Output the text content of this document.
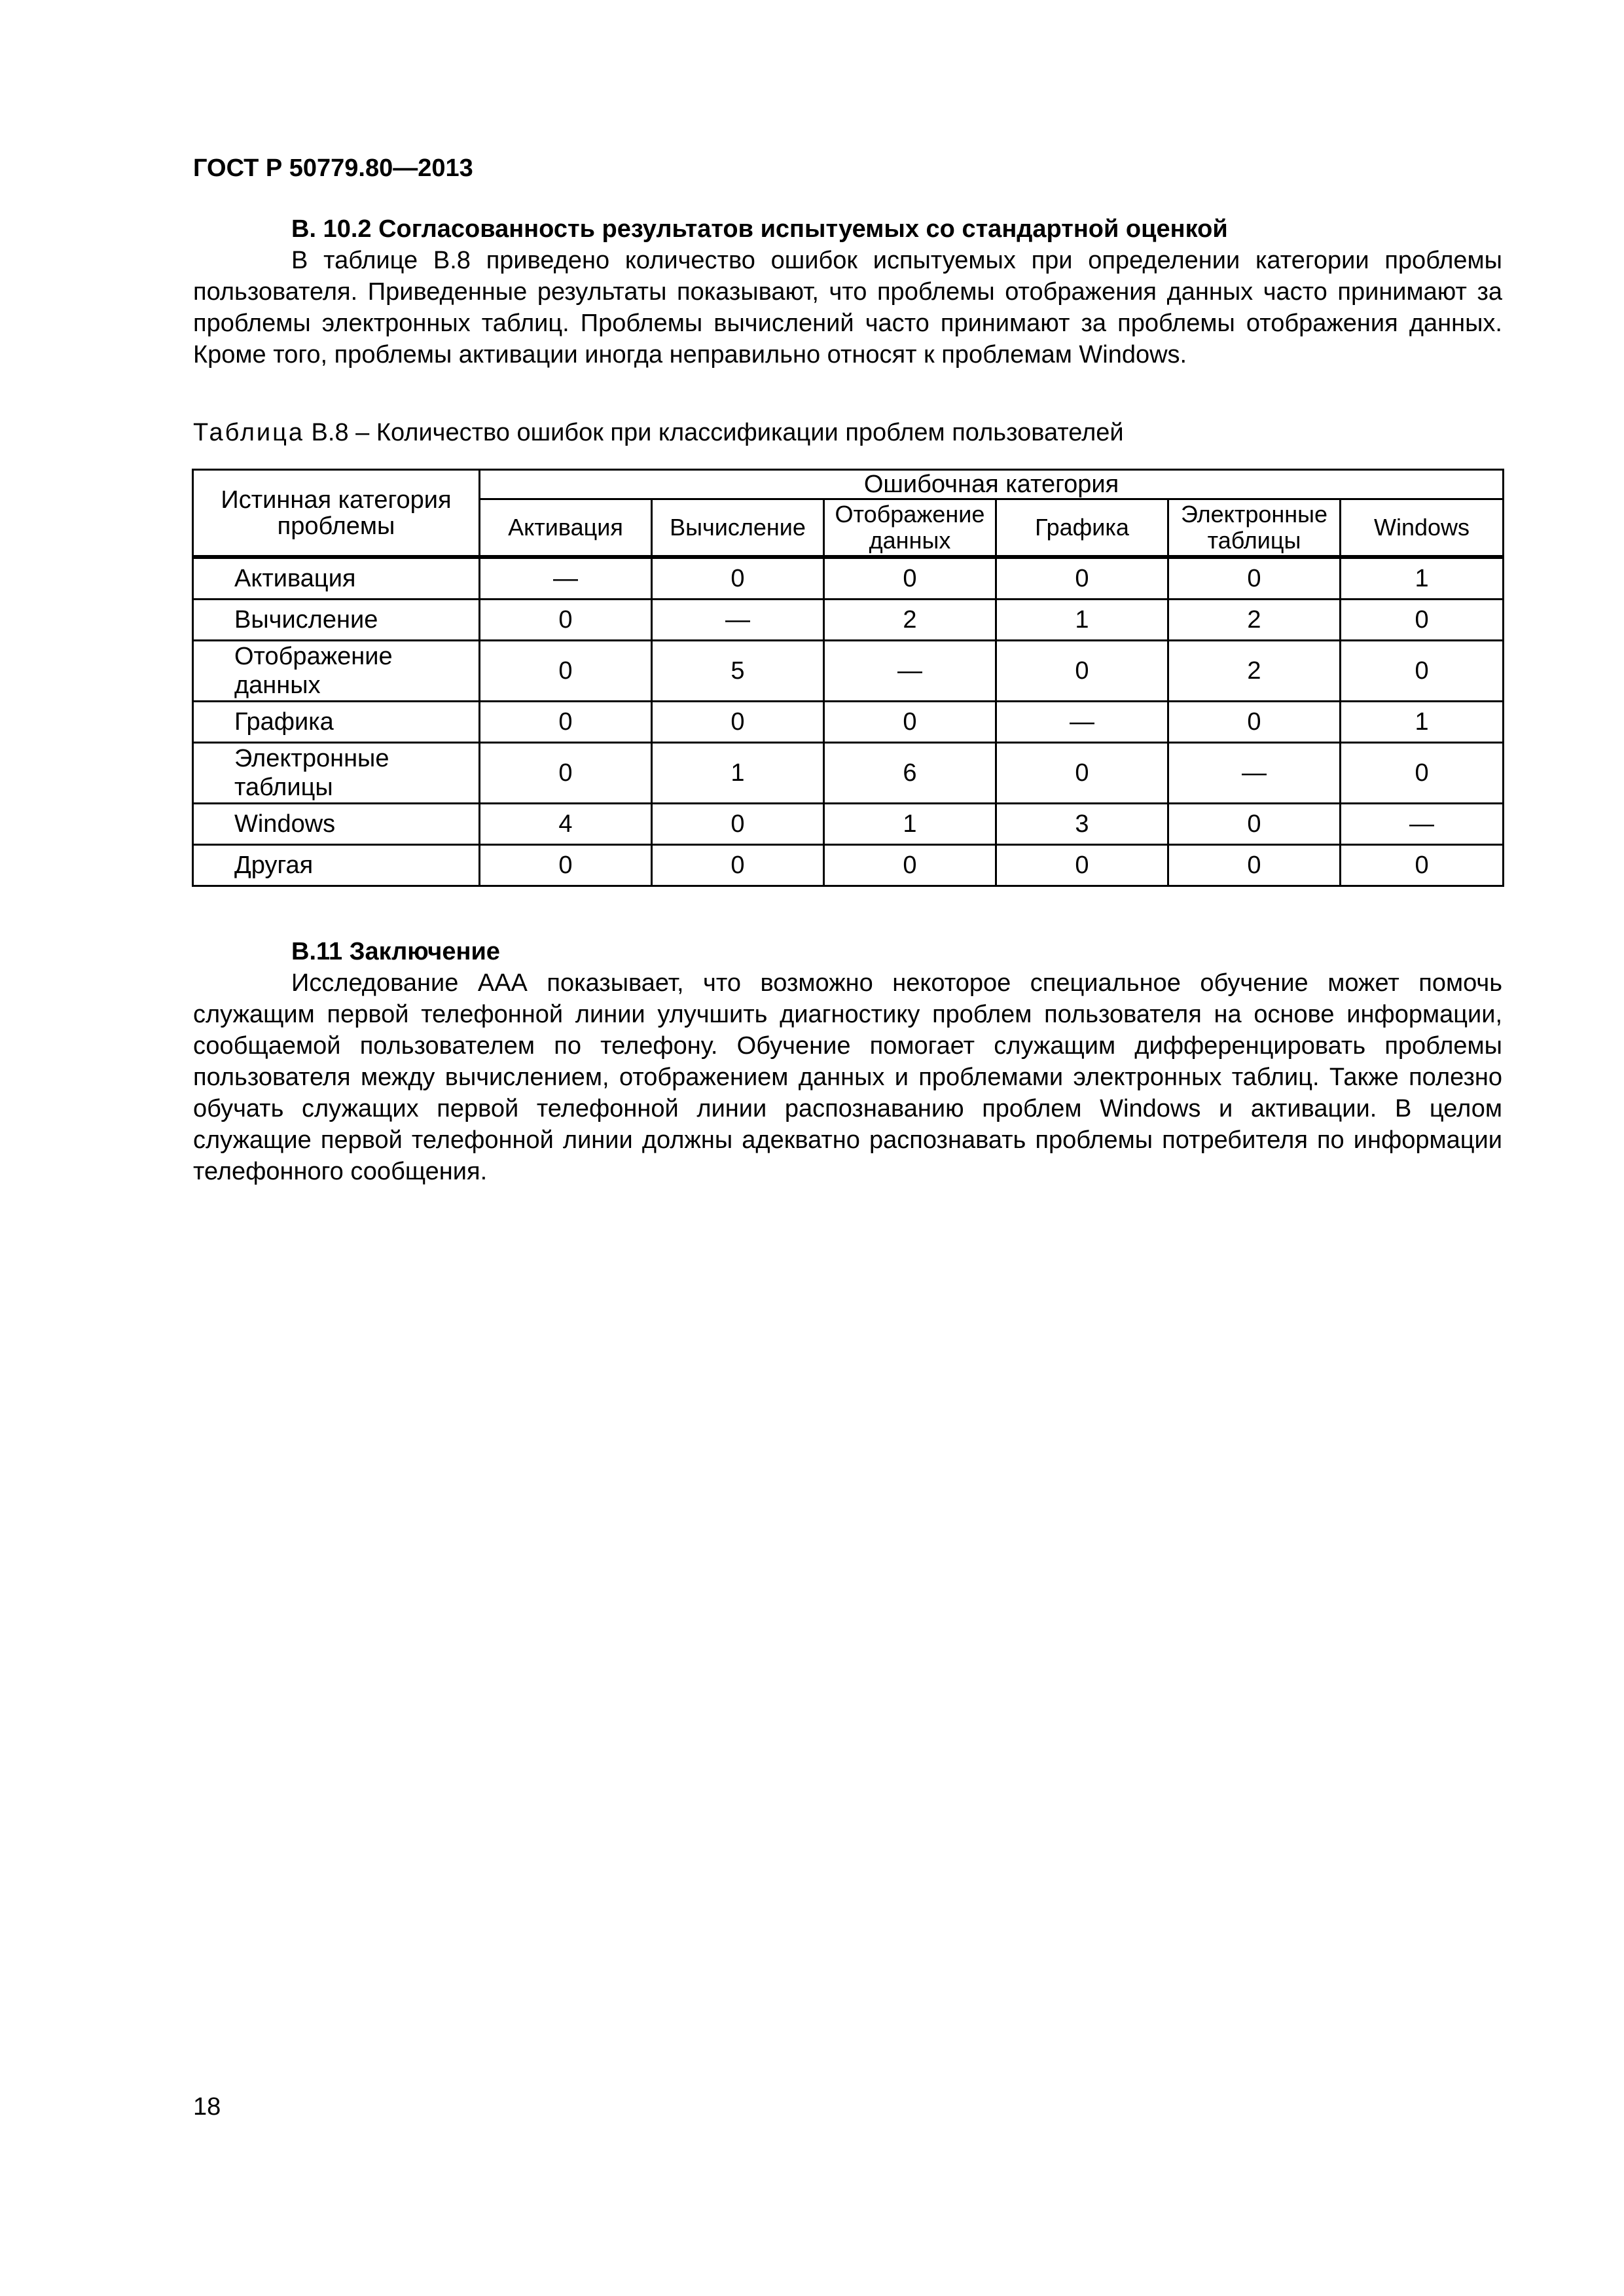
ГОСТ Р 50779.80—2013
В. 10.2 Согласованность результатов испытуемых со стандартной оценкой
В таблице В.8 приведено количество ошибок испытуемых при определении категории проблемы пользователя. Приведенные результаты показывают, что проблемы отображения данных часто принимают за проблемы электронных таблиц. Проблемы вычислений часто принимают за проблемы отображения данных. Кроме того, проблемы активации иногда неправильно относят к проблемам Windows.
Таблица В.8 – Количество ошибок при классификации проблем пользователей
Истинная категория проблемы	Ошибочная категория					
	Активация	Вычисление	Отображение данных	Графика	Электронные таблицы	Windows
Активация	—	0	0	0	0	1
Вычисление	0	—	2	1	2	0
Отображение данных	0	5	—	0	2	0
Графика	0	0	0	—	0	1
Электронные таблицы	0	1	6	0	—	0
Windows	4	0	1	3	0	—
Другая	0	0	0	0	0	0
В.11 Заключение
Исследование ААА показывает, что возможно некоторое специальное обучение может помочь служащим первой телефонной линии улучшить диагностику проблем пользователя на основе информации, сообщаемой пользователем по телефону. Обучение помогает служащим дифференцировать проблемы пользователя между вычислением, отображением данных и проблемами электронных таблиц. Также полезно обучать служащих первой телефонной линии распознаванию проблем Windows и активации. В целом служащие первой телефонной линии должны адекватно распознавать проблемы потребителя по информации телефонного сообщения.
18
